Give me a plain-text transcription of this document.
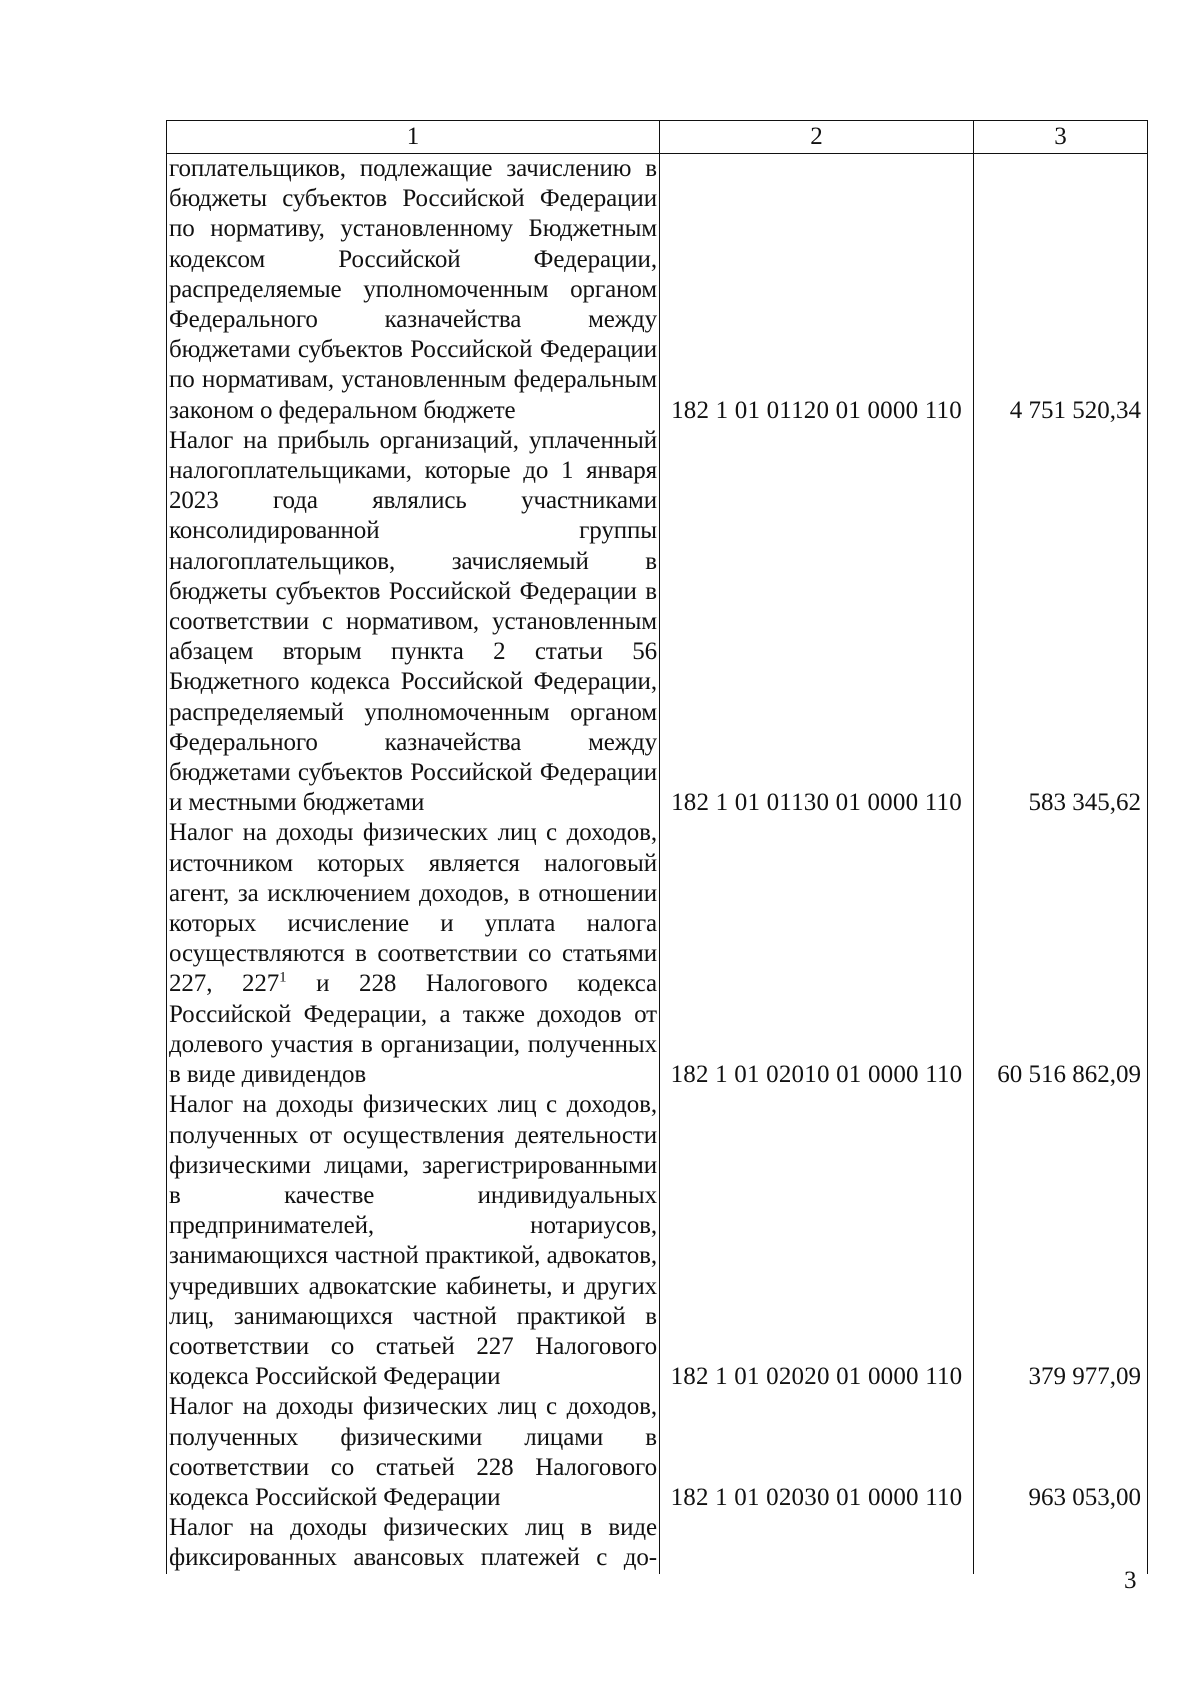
1	2	3
гоплательщиков, подлежащие зачислению в бюджеты субъектов Российской Федерации по нормативу, установленному Бюджетным кодексом Российской Федерации, распределяемые уполномоченным органом Федерального казначейства между бюджетами субъектов Российской Федерации по нормативам, установленным федеральным законом о федеральном бюджете	182 1 01 01120 01 0000 110	4 751 520,34
Налог на прибыль организаций, уплаченный налогоплательщиками, которые до 1 января 2023 года являлись участниками консолидированной группы налогоплательщиков, зачисляемый в бюджеты субъектов Российской Федерации в соответствии с нормативом, установленным абзацем вторым пункта 2 статьи 56 Бюджетного кодекса Российской Федерации, распределяемый уполномоченным органом Федерального казначейства между бюджетами субъектов Российской Федерации и местными бюджетами	182 1 01 01130 01 0000 110	583 345,62
Налог на доходы физических лиц с доходов, источником которых является налоговый агент, за исключением доходов, в отношении которых исчисление и уплата налога осуществляются в соответствии со статьями 227, $227^1$ и 228 Налогового кодекса Российской Федерации, а также доходов от долевого участия в организации, полученных в виде дивидендов	182 1 01 02010 01 0000 110	60 516 862,09
Налог на доходы физических лиц с доходов, полученных от осуществления деятельности физическими лицами, зарегистрированными в качестве индивидуальных предпринимателей, нотариусов, занимающихся частной практикой, адвокатов, учредивших адвокатские кабинеты, и других лиц, занимающихся частной практикой в соответствии со статьей 227 Налогового кодекса Российской Федерации	182 1 01 02020 01 0000 110	379 977,09
Налог на доходы физических лиц с доходов, полученных физическими лицами в соответствии со статьей 228 Налогового кодекса Российской Федерации	182 1 01 02030 01 0000 110	963 053,00
Налог на доходы физических лиц в виде фиксированных авансовых платежей с до-		
3
